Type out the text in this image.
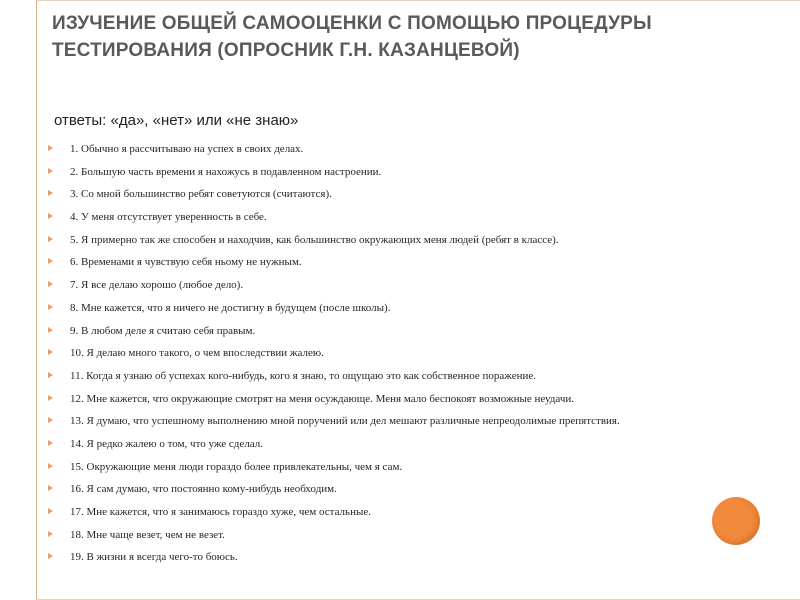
ИЗУЧЕНИЕ ОБЩЕЙ САМООЦЕНКИ С ПОМОЩЬЮ ПРОЦЕДУРЫ ТЕСТИРОВАНИЯ (ОПРОСНИК Г.Н. КАЗАНЦЕВОЙ)

ответы: «да», «нет» или «не знаю»

1. Обычно я рассчитываю на успех в своих делах.
2. Большую часть времени я нахожусь в подавленном настроении.
3. Со мной большинство ребят советуются (считаются).
4. У меня отсутствует уверенность в себе.
5. Я примерно так же способен и находчив, как большинство окружающих меня людей (ребят в классе).
6. Временами я чувствую себя ньому не нужным.
7. Я все делаю хорошо (любое дело).
8. Мне кажется, что я ничего не достигну в будущем (после школы).
9. В любом деле я считаю себя правым.
10. Я делаю много такого, о чем впоследствии жалею.
11. Когда я узнаю об успехах кого-нибудь, кого я знаю, то ощущаю это как собственное поражение.
12. Мне кажется, что окружающие смотрят на меня осуждающе. Меня мало беспокоят возможные неудачи.
13. Я думаю, что успешному выполнению мной поручений или дел мешают различные непреодолимые препятствия.
14. Я редко жалею о том, что уже сделал.
15. Окружающие меня люди гораздо более привлекательны, чем я сам.
16. Я сам думаю, что постоянно кому-нибудь необходим.
17. Мне кажется, что я занимаюсь гораздо хуже, чем остальные.
18. Мне чаще везет, чем не везет.
19. В жизни я всегда чего-то боюсь.
